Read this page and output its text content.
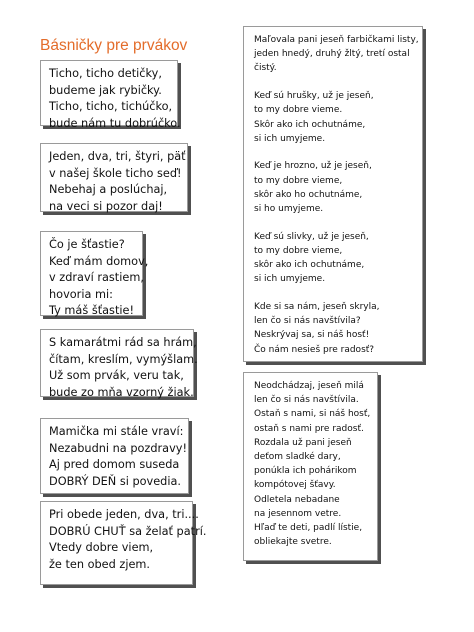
Básničky pre prvákov
Ticho, ticho detičky,
budeme jak rybičky.
Ticho, ticho, tichúčko,
bude nám tu dobrúčko.
Jeden, dva, tri, štyri, päť
v našej škole ticho seď!
Nebehaj a poslúchaj,
na veci si pozor daj!
Čo je šťastie?
Keď mám domov,
v zdraví rastiem,
hovoria mi:
Ty máš šťastie!
S kamarátmi rád sa hrám,
čítam, kreslím, vymýšlam.
Už som prvák, veru tak,
bude zo mňa vzorný žiak.
Mamička mi stále vraví:
Nezabudni na pozdravy!
Aj pred domom suseda
DOBRÝ DEŇ si povedia.
Pri obede jeden, dva, tri....
DOBRÚ CHUŤ sa želať patrí.
Vtedy dobre viem,
že ten obed zjem.
Maľovala pani jeseň farbičkami listy,
jeden hnedý, druhý žltý, tretí ostal
čistý.
Keď sú hrušky, už je jeseň,
to my dobre vieme.
Skôr ako ich ochutnáme,
si ich umyjeme.
Keď je hrozno, už je jeseň,
to my dobre vieme,
skôr ako ho ochutnáme,
si ho umyjeme.
Keď sú slivky, už je jeseň,
to my dobre vieme,
skôr ako ich ochutnáme,
si ich umyjeme.
Kde si sa nám, jeseň skryla,
len čo si nás navštívila?
Neskrývaj sa, si náš hosť!
Čo nám nesieš pre radosť?
Neodchádzaj, jeseň milá
len čo si nás navštívila.
Ostaň s nami, si náš hosť,
ostaň s nami pre radosť.
Rozdala už pani jeseň
deťom sladké dary,
ponúkla ich pohárikom
kompótovej šťavy.
Odletela nebadane
na jesennom vetre.
Hľaď te deti, padlí lístie,
obliekajte svetre.
